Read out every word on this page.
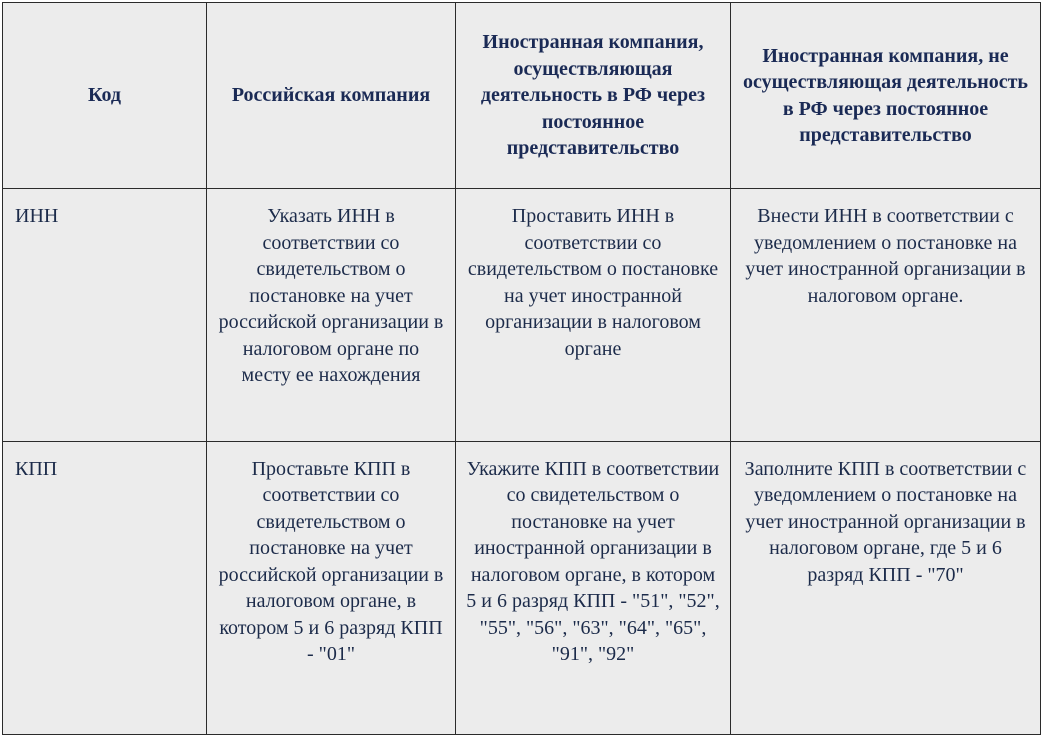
Код	Российская компания	Иностранная компания, осуществляющая деятельность в РФ через постоянное представительство	Иностранная компания, не осуществляющая деятельность в РФ через постоянное представительство
ИНН	Указать ИНН в соответствии со свидетельством о постановке на учет российской организации в налоговом органе по месту ее нахождения	Проставить ИНН в соответствии со свидетельством о постановке на учет иностранной организации в налоговом органе	Внести ИНН в соответствии с уведомлением о постановке на учет иностранной организации в налоговом органе.
КПП	Проставьте КПП в соответствии со свидетельством о постановке на учет российской организации в налоговом органе, в котором 5 и 6 разряд КПП - "01"	Укажите КПП в соответствии со свидетельством о постановке на учет иностранной организации в налоговом органе, в котором 5 и 6 разряд КПП - "51", "52", "55", "56", "63", "64", "65", "91", "92"	Заполните КПП в соответствии с уведомлением о постановке на учет иностранной организации в налоговом органе, где 5 и 6 разряд КПП - "70"
